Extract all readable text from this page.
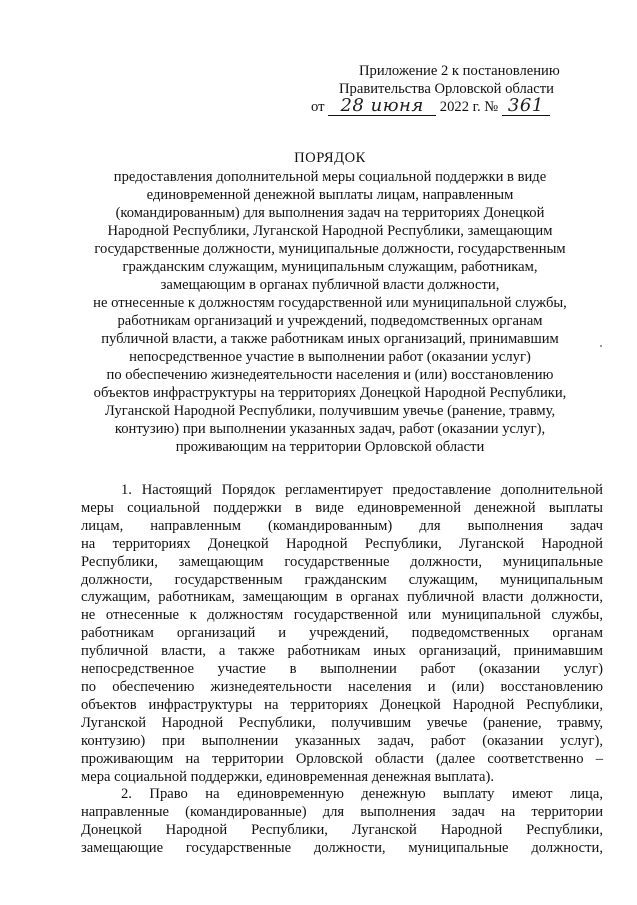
Приложение 2 к постановлению
Правительства Орловской области
от 28 июня 2022 г. № 361
ПОРЯДОК
предоставления дополнительной меры социальной поддержки в виде
единовременной денежной выплаты лицам, направленным
(командированным) для выполнения задач на территориях Донецкой
Народной Республики, Луганской Народной Республики, замещающим
государственные должности, муниципальные должности, государственным
гражданским служащим, муниципальным служащим, работникам,
замещающим в органах публичной власти должности,
не отнесенные к должностям государственной или муниципальной службы,
работникам организаций и учреждений, подведомственных органам
публичной власти, а также работникам иных организаций, принимавшим
непосредственное участие в выполнении работ (оказании услуг)
по обеспечению жизнедеятельности населения и (или) восстановлению
объектов инфраструктуры на территориях Донецкой Народной Республики,
Луганской Народной Республики, получившим увечье (ранение, травму,
контузию) при выполнении указанных задач, работ (оказании услуг),
проживающим на территории Орловской области
1. Настоящий Порядок регламентирует предоставление дополнительной
меры социальной поддержки в виде единовременной денежной выплаты
лицам, направленным (командированным) для выполнения задач
на территориях Донецкой Народной Республики, Луганской Народной
Республики, замещающим государственные должности, муниципальные
должности, государственным гражданским служащим, муниципальным
служащим, работникам, замещающим в органах публичной власти должности,
не отнесенные к должностям государственной или муниципальной службы,
работникам организаций и учреждений, подведомственных органам
публичной власти, а также работникам иных организаций, принимавшим
непосредственное участие в выполнении работ (оказании услуг)
по обеспечению жизнедеятельности населения и (или) восстановлению
объектов инфраструктуры на территориях Донецкой Народной Республики,
Луганской Народной Республики, получившим увечье (ранение, травму,
контузию) при выполнении указанных задач, работ (оказании услуг),
проживающим на территории Орловской области (далее соответственно –
мера социальной поддержки, единовременная денежная выплата).
2. Право на единовременную денежную выплату имеют лица,
направленные (командированные) для выполнения задач на территории
Донецкой Народной Республики, Луганской Народной Республики,
замещающие государственные должности, муниципальные должности,
